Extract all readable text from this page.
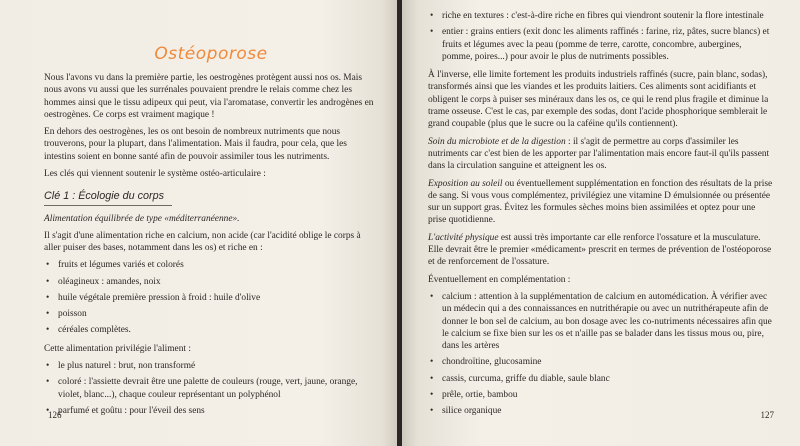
Ostéoporose

Nous l'avons vu dans la première partie, les oestrogènes protègent aussi nos os. Mais nous avons vu aussi que les surrénales pouvaient prendre le relais comme chez les hommes ainsi que le tissu adipeux qui peut, via l'aromatase, convertir les androgènes en oestrogènes. Ce corps est vraiment magique !

En dehors des oestrogènes, les os ont besoin de nombreux nutriments que nous trouverons, pour la plupart, dans l'alimentation. Mais il faudra, pour cela, que les intestins soient en bonne santé afin de pouvoir assimiler tous les nutriments.

Les clés qui viennent soutenir le système ostéo-articulaire :

Clé 1 : Écologie du corps

Alimentation équilibrée de type «méditerranéenne».

Il s'agit d'une alimentation riche en calcium, non acide (car l'acidité oblige le corps à aller puiser des bases, notamment dans les os) et riche en :

• fruits et légumes variés et colorés
• oléagineux : amandes, noix
• huile végétale première pression à froid : huile d'olive
• poisson
• céréales complètes.

Cette alimentation privilégie l'aliment :

• le plus naturel : brut, non transformé
• coloré : l'assiette devrait être une palette de couleurs (rouge, vert, jaune, orange, violet, blanc...), chaque couleur représentant un polyphénol
• parfumé et goûtu : pour l'éveil des sens
126
• riche en textures : c'est-à-dire riche en fibres qui viendront soutenir la flore intestinale
• entier : grains entiers (exit donc les aliments raffinés : farine, riz, pâtes, sucre blancs) et fruits et légumes avec la peau (pomme de terre, carotte, concombre, aubergines, pomme, poires...) pour avoir le plus de nutriments possibles.

À l'inverse, elle limite fortement les produits industriels raffinés (sucre, pain blanc, sodas), transformés ainsi que les viandes et les produits laitiers. Ces aliments sont acidifiants et obligent le corps à puiser ses minéraux dans les os, ce qui le rend plus fragile et diminue la trame osseuse. C'est le cas, par exemple des sodas, dont l'acide phosphorique semblerait le grand coupable (plus que le sucre ou la caféine qu'ils contiennent).

Soin du microbiote et de la digestion : il s'agit de permettre au corps d'assimiler les nutriments car c'est bien de les apporter par l'alimentation mais encore faut-il qu'ils passent dans la circulation sanguine et atteignent les os.

Exposition au soleil ou éventuellement supplémentation en fonction des résultats de la prise de sang. Si vous vous complémentez, privilégiez une vitamine D émulsionnée ou présentée sur un support gras. Évitez les formules sèches moins bien assimilées et optez pour une prise quotidienne.

L'activité physique est aussi très importante car elle renforce l'ossature et la musculature. Elle devrait être le premier «médicament» prescrit en termes de prévention de l'ostéoporose et de renforcement de l'ossature.

Éventuellement en complémentation :

• calcium : attention à la supplémentation de calcium en automédication. À vérifier avec un médecin qui a des connaissances en nutrithérapie ou avec un nutrithérapeute afin de donner le bon sel de calcium, au bon dosage avec les co-nutriments nécessaires afin que le calcium se fixe bien sur les os et n'aille pas se balader dans les tissus mous ou, pire, dans les artères
• chondroïtine, glucosamine
• cassis, curcuma, griffe du diable, saule blanc
• prêle, ortie, bambou
• silice organique	127
